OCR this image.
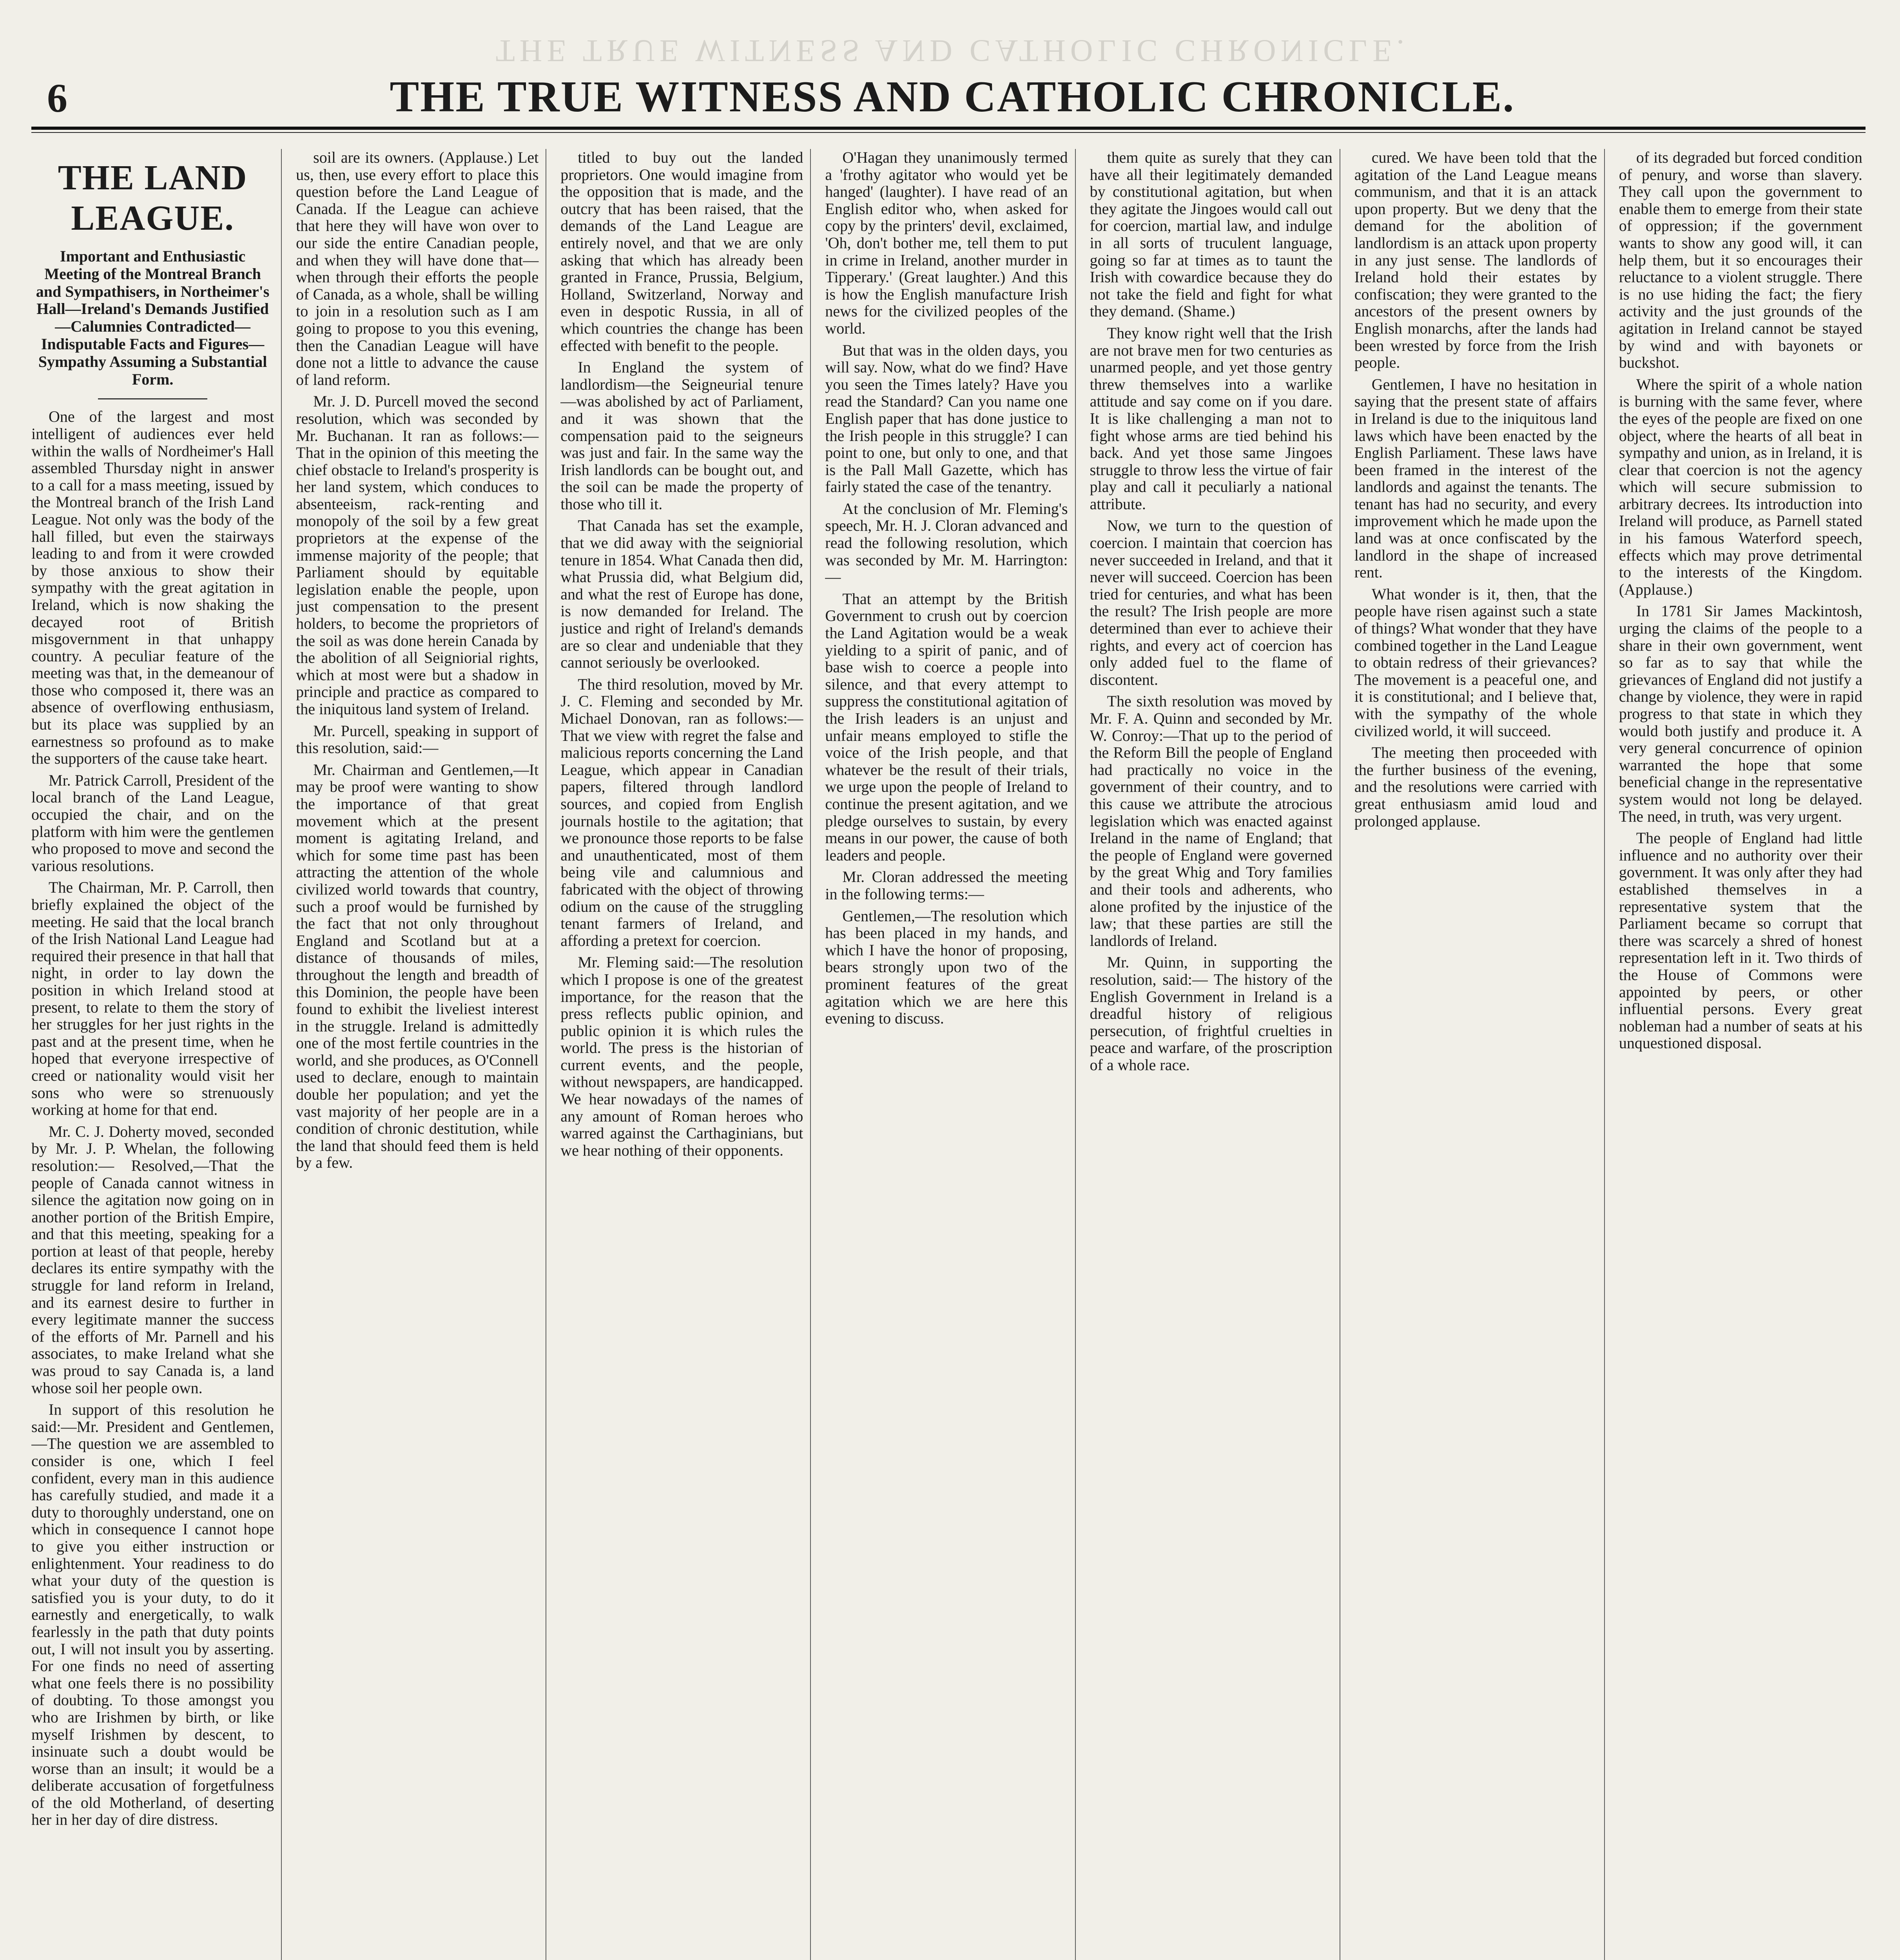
THE TRUE WITNESS AND CATHOLIC CHRONICLE.
6	THE TRUE WITNESS AND CATHOLIC CHRONICLE.
THE LAND LEAGUE.
Important and Enthusiastic Meeting of the Montreal Branch and Sympathisers, in Northeimer's Hall—Ireland's Demands Justified—Calumnies Contradicted—Indisputable Facts and Figures—Sympathy Assuming a Substantial Form.

One of the largest and most intelligent of audiences ever held within the walls of Nordheimer's Hall assembled Thursday night in answer to a call for a mass meeting, issued by the Montreal branch of the Irish Land League. Not only was the body of the hall filled, but even the stairways leading to and from it were crowded by those anxious to show their sympathy with the great agitation in Ireland, which is now shaking the decayed root of British misgovernment in that unhappy country. A peculiar feature of the meeting was that, in the demeanour of those who composed it, there was an absence of overflowing enthusiasm, but its place was supplied by an earnestness so profound as to make the supporters of the cause take heart.

Mr. Patrick Carroll, President of the local branch of the Land League, occupied the chair, and on the platform with him were the gentlemen who proposed to move and second the various resolutions.

The Chairman, Mr. P. Carroll, then briefly explained the object of the meeting. He said that the local branch of the Irish National Land League had required their presence in that hall that night, in order to lay down the position in which Ireland stood at present, to relate to them the story of her struggles for her just rights in the past and at the present time, when he hoped that everyone irrespective of creed or nationality would visit her sons who were so strenuously working at home for that end.

Mr. C. J. Doherty moved, seconded by Mr. J. P. Whelan, the following resolution:— Resolved,—That the people of Canada cannot witness in silence the agitation now going on in another portion of the British Empire, and that this meeting, speaking for a portion at least of that people, hereby declares its entire sympathy with the struggle for land reform in Ireland, and its earnest desire to further in every legitimate manner the success of the efforts of Mr. Parnell and his associates, to make Ireland what she was proud to say Canada is, a land whose soil her people own.

In support of this resolution he said:—Mr. President and Gentlemen,—The question we are assembled to consider is one, which I feel confident, every man in this audience has carefully studied, and made it a duty to thoroughly understand, one on which in consequence I cannot hope to give you either instruction or enlightenment. Your readiness to do what your duty of the question is satisfied you is your duty, to do it earnestly and energetically, to walk fearlessly in the path that duty points out, I will not insult you by asserting. For one finds no need of asserting what one feels there is no possibility of doubting. To those amongst you who are Irishmen by birth, or like myself Irishmen by descent, to insinuate such a doubt would be worse than an insult; it would be a deliberate accusation of forgetfulness of the old Motherland, of deserting her in her day of dire distress.

soil are its owners. (Applause.) Let us, then, use every effort to place this question before the Land League of Canada. If the League can achieve that here they will have won over to our side the entire Canadian people, and when they will have done that—when through their efforts the people of Canada, as a whole, shall be willing to join in a resolution such as I am going to propose to you this evening, then the Canadian League will have done not a little to advance the cause of land reform.

Mr. J. D. Purcell moved the second resolution, which was seconded by Mr. Buchanan. It ran as follows:—That in the opinion of this meeting the chief obstacle to Ireland's prosperity is her land system, which conduces to absenteeism, rack-renting and monopoly of the soil by a few great proprietors at the expense of the immense majority of the people; that Parliament should by equitable legislation enable the people, upon just compensation to the present holders, to become the proprietors of the soil as was done herein Canada by the abolition of all Seigniorial rights, which at most were but a shadow in principle and practice as compared to the iniquitous land system of Ireland.

Mr. Purcell, speaking in support of this resolution, said:—

Mr. Chairman and Gentlemen,—It may be proof were wanting to show the importance of that great movement which at the present moment is agitating Ireland, and which for some time past has been attracting the attention of the whole civilized world towards that country, such a proof would be furnished by the fact that not only throughout England and Scotland but at a distance of thousands of miles, throughout the length and breadth of this Dominion, the people have been found to exhibit the liveliest interest in the struggle. Ireland is admittedly one of the most fertile countries in the world, and she produces, as O'Connell used to declare, enough to maintain double her population; and yet the vast majority of her people are in a condition of chronic destitution, while the land that should feed them is held by a few.

titled to buy out the landed proprietors. One would imagine from the opposition that is made, and the outcry that has been raised, that the demands of the Land League are entirely novel, and that we are only asking that which has already been granted in France, Prussia, Belgium, Holland, Switzerland, Norway and even in despotic Russia, in all of which countries the change has been effected with benefit to the people.

In England the system of landlordism—the Seigneurial tenure—was abolished by act of Parliament, and it was shown that the compensation paid to the seigneurs was just and fair. In the same way the Irish landlords can be bought out, and the soil can be made the property of those who till it.

That Canada has set the example, that we did away with the seigniorial tenure in 1854. What Canada then did, what Prussia did, what Belgium did, and what the rest of Europe has done, is now demanded for Ireland. The justice and right of Ireland's demands are so clear and undeniable that they cannot seriously be overlooked.

The third resolution, moved by Mr. J. C. Fleming and seconded by Mr. Michael Donovan, ran as follows:—That we view with regret the false and malicious reports concerning the Land League, which appear in Canadian papers, filtered through landlord sources, and copied from English journals hostile to the agitation; that we pronounce those reports to be false and unauthenticated, most of them being vile and calumnious and fabricated with the object of throwing odium on the cause of the struggling tenant farmers of Ireland, and affording a pretext for coercion.

Mr. Fleming said:—The resolution which I propose is one of the greatest importance, for the reason that the press reflects public opinion, and public opinion it is which rules the world. The press is the historian of current events, and the people, without newspapers, are handicapped. We hear nowadays of the names of any amount of Roman heroes who warred against the Carthaginians, but we hear nothing of their opponents.

O'Hagan they unanimously termed a 'frothy agitator who would yet be hanged' (laughter). I have read of an English editor who, when asked for copy by the printers' devil, exclaimed, 'Oh, don't bother me, tell them to put in crime in Ireland, another murder in Tipperary.' (Great laughter.) And this is how the English manufacture Irish news for the civilized peoples of the world.

But that was in the olden days, you will say. Now, what do we find? Have you seen the Times lately? Have you read the Standard? Can you name one English paper that has done justice to the Irish people in this struggle? I can point to one, but only to one, and that is the Pall Mall Gazette, which has fairly stated the case of the tenantry.

At the conclusion of Mr. Fleming's speech, Mr. H. J. Cloran advanced and read the following resolution, which was seconded by Mr. M. Harrington:—

That an attempt by the British Government to crush out by coercion the Land Agitation would be a weak yielding to a spirit of panic, and of base wish to coerce a people into silence, and that every attempt to suppress the constitutional agitation of the Irish leaders is an unjust and unfair means employed to stifle the voice of the Irish people, and that whatever be the result of their trials, we urge upon the people of Ireland to continue the present agitation, and we pledge ourselves to sustain, by every means in our power, the cause of both leaders and people.

Mr. Cloran addressed the meeting in the following terms:—

Gentlemen,—The resolution which has been placed in my hands, and which I have the honor of proposing, bears strongly upon two of the prominent features of the great agitation which we are here this evening to discuss.

them quite as surely that they can have all their legitimately demanded by constitutional agitation, but when they agitate the Jingoes would call out for coercion, martial law, and indulge in all sorts of truculent language, going so far at times as to taunt the Irish with cowardice because they do not take the field and fight for what they demand. (Shame.)

They know right well that the Irish are not brave men for two centuries as unarmed people, and yet those gentry threw themselves into a warlike attitude and say come on if you dare. It is like challenging a man not to fight whose arms are tied behind his back. And yet those same Jingoes struggle to throw less the virtue of fair play and call it peculiarly a national attribute.

Now, we turn to the question of coercion. I maintain that coercion has never succeeded in Ireland, and that it never will succeed. Coercion has been tried for centuries, and what has been the result? The Irish people are more determined than ever to achieve their rights, and every act of coercion has only added fuel to the flame of discontent.

The sixth resolution was moved by Mr. F. A. Quinn and seconded by Mr. W. Conroy:—That up to the period of the Reform Bill the people of England had practically no voice in the government of their country, and to this cause we attribute the atrocious legislation which was enacted against Ireland in the name of England; that the people of England were governed by the great Whig and Tory families and their tools and adherents, who alone profited by the injustice of the law; that these parties are still the landlords of Ireland.

Mr. Quinn, in supporting the resolution, said:— The history of the English Government in Ireland is a dreadful history of religious persecution, of frightful cruelties in peace and warfare, of the proscription of a whole race.

cured. We have been told that the agitation of the Land League means communism, and that it is an attack upon property. But we deny that the demand for the abolition of landlordism is an attack upon property in any just sense. The landlords of Ireland hold their estates by confiscation; they were granted to the ancestors of the present owners by English monarchs, after the lands had been wrested by force from the Irish people.

Gentlemen, I have no hesitation in saying that the present state of affairs in Ireland is due to the iniquitous land laws which have been enacted by the English Parliament. These laws have been framed in the interest of the landlords and against the tenants. The tenant has had no security, and every improvement which he made upon the land was at once confiscated by the landlord in the shape of increased rent.

What wonder is it, then, that the people have risen against such a state of things? What wonder that they have combined together in the Land League to obtain redress of their grievances? The movement is a peaceful one, and it is constitutional; and I believe that, with the sympathy of the whole civilized world, it will succeed.

The meeting then proceeded with the further business of the evening, and the resolutions were carried with great enthusiasm amid loud and prolonged applause.

of its degraded but forced condition of penury, and worse than slavery. They call upon the government to enable them to emerge from their state of oppression; if the government wants to show any good will, it can help them, but it so encourages their reluctance to a violent struggle. There is no use hiding the fact; the fiery activity and the just grounds of the agitation in Ireland cannot be stayed by wind and with bayonets or buckshot.

Where the spirit of a whole nation is burning with the same fever, where the eyes of the people are fixed on one object, where the hearts of all beat in sympathy and union, as in Ireland, it is clear that coercion is not the agency which will secure submission to arbitrary decrees. Its introduction into Ireland will produce, as Parnell stated in his famous Waterford speech, effects which may prove detrimental to the interests of the Kingdom. (Applause.)

In 1781 Sir James Mackintosh, urging the claims of the people to a share in their own government, went so far as to say that while the grievances of England did not justify a change by violence, they were in rapid progress to that state in which they would both justify and produce it. A very general concurrence of opinion warranted the hope that some beneficial change in the representative system would not long be delayed. The need, in truth, was very urgent.

The people of England had little influence and no authority over their government. It was only after they had established themselves in a representative system that the Parliament became so corrupt that there was scarcely a shred of honest representation left in it. Two thirds of the House of Commons were appointed by peers, or other influential persons. Every great nobleman had a number of seats at his unquestioned disposal.
